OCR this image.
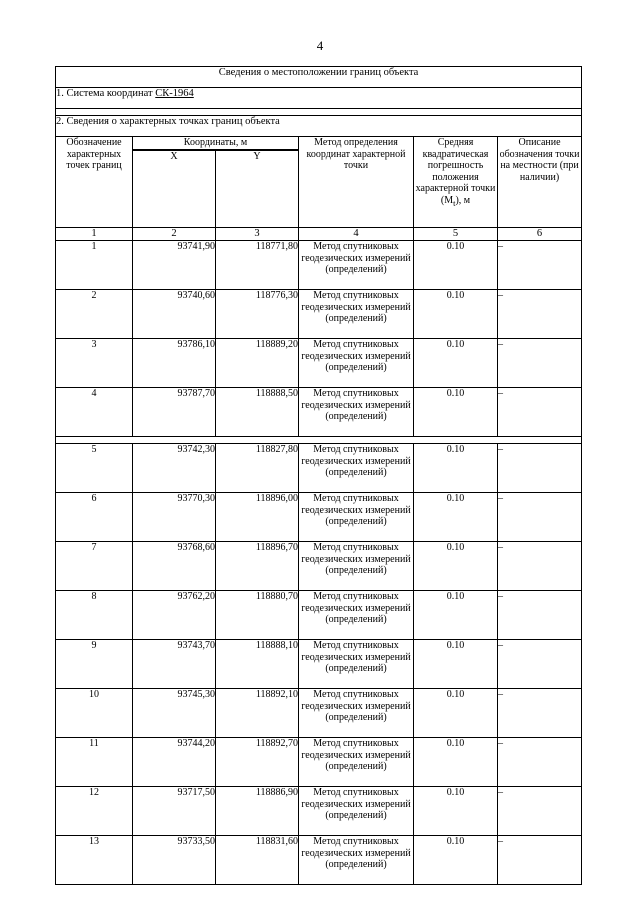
4
Сведения о местоположении границ объекта					
1. Система координат СК-1964					

2. Сведения о характерных точках границ объекта					
Обозначение характерных точек границ	Координаты, м		Метод определения координат характерной точки	Средняя квадратическая погрешность положения характерной точки $(M_t)$, м	Описание обозначения точки на местности (при наличии)
	X	Y			
1	2	3	4	5	6
1	93741,90	118771,80	Метод спутниковых геодезических измерений (определений)	0.10	–
2	93740,60	118776,30	Метод спутниковых геодезических измерений (определений)	0.10	–
3	93786,10	118889,20	Метод спутниковых геодезических измерений (определений)	0.10	–
4	93787,70	118888,50	Метод спутниковых геодезических измерений (определений)	0.10	–

5	93742,30	118827,80	Метод спутниковых геодезических измерений (определений)	0.10	–
6	93770,30	118896,00	Метод спутниковых геодезических измерений (определений)	0.10	–
7	93768,60	118896,70	Метод спутниковых геодезических измерений (определений)	0.10	–
8	93762,20	118880,70	Метод спутниковых геодезических измерений (определений)	0.10	–
9	93743,70	118888,10	Метод спутниковых геодезических измерений (определений)	0.10	–
10	93745,30	118892,10	Метод спутниковых геодезических измерений (определений)	0.10	–
11	93744,20	118892,70	Метод спутниковых геодезических измерений (определений)	0.10	–
12	93717,50	118886,90	Метод спутниковых геодезических измерений (определений)	0.10	–
13	93733,50	118831,60	Метод спутниковых геодезических измерений (определений)	0.10	–
